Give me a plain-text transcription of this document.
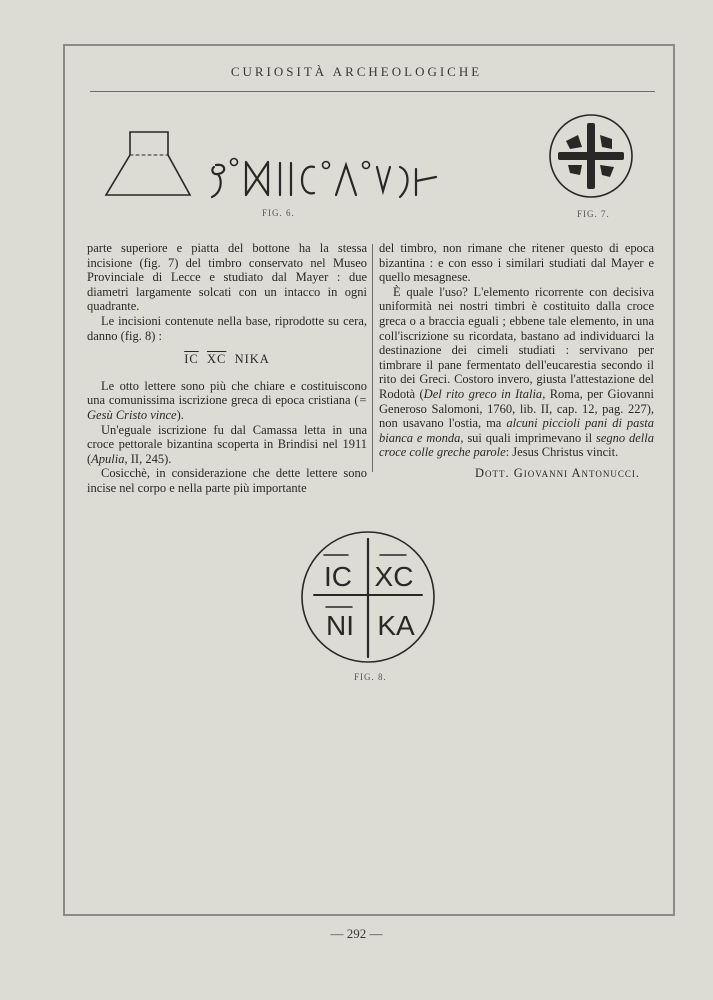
CURIOSITÀ ARCHEOLOGICHE
FIG. 6.	FIG. 7.

parte superiore e piatta del bottone ha la stessa incisione (fig. 7) del timbro conservato nel Museo Provinciale di Lecce e studiato dal Mayer : due diametri largamente solcati con un intacco in ogni quadrante.

Le incisioni contenute nella base, riprodotte su cera, danno (fig. 8) :

$\overline{IC}$ $\overline{XC}$ NIKA

Le otto lettere sono più che chiare e costituiscono una comunissima iscrizione greca di epoca cristiana (= Gesù Cristo vince).

Un'eguale iscrizione fu dal Camassa letta in una croce pettorale bizantina scoperta in Brindisi nel 1911 (Apulia, II, 245).

Cosicchè, in considerazione che dette lettere sono incise nel corpo e nella parte più importante

del timbro, non rimane che ritener questo di epoca bizantina : e con esso i similari studiati dal Mayer e quello mesagnese.

È quale l'uso? L'elemento ricorrente con decisiva uniformità nei nostri timbri è costituito dalla croce greca o a braccia eguali ; ebbene tale elemento, in una coll'iscrizione su ricordata, bastano ad individuarci la destinazione dei cimeli studiati : servivano per timbrare il pane fermentato dell'eucarestia secondo il rito dei Greci. Costoro invero, giusta l'attestazione del Rodotà (Del rito greco in Italia, Roma, per Giovanni Generoso Salomoni, 1760, lib. II, cap. 12, pag. 227), non usavano l'ostia, ma alcuni piccioli pani di pasta bianca e monda, sui quali imprimevano il segno della croce colle greche parole: Jesus Christus vincit.

Dott. Giovanni Antonucci.

IC XC
NI KA
FIG. 8.
— 292 —
